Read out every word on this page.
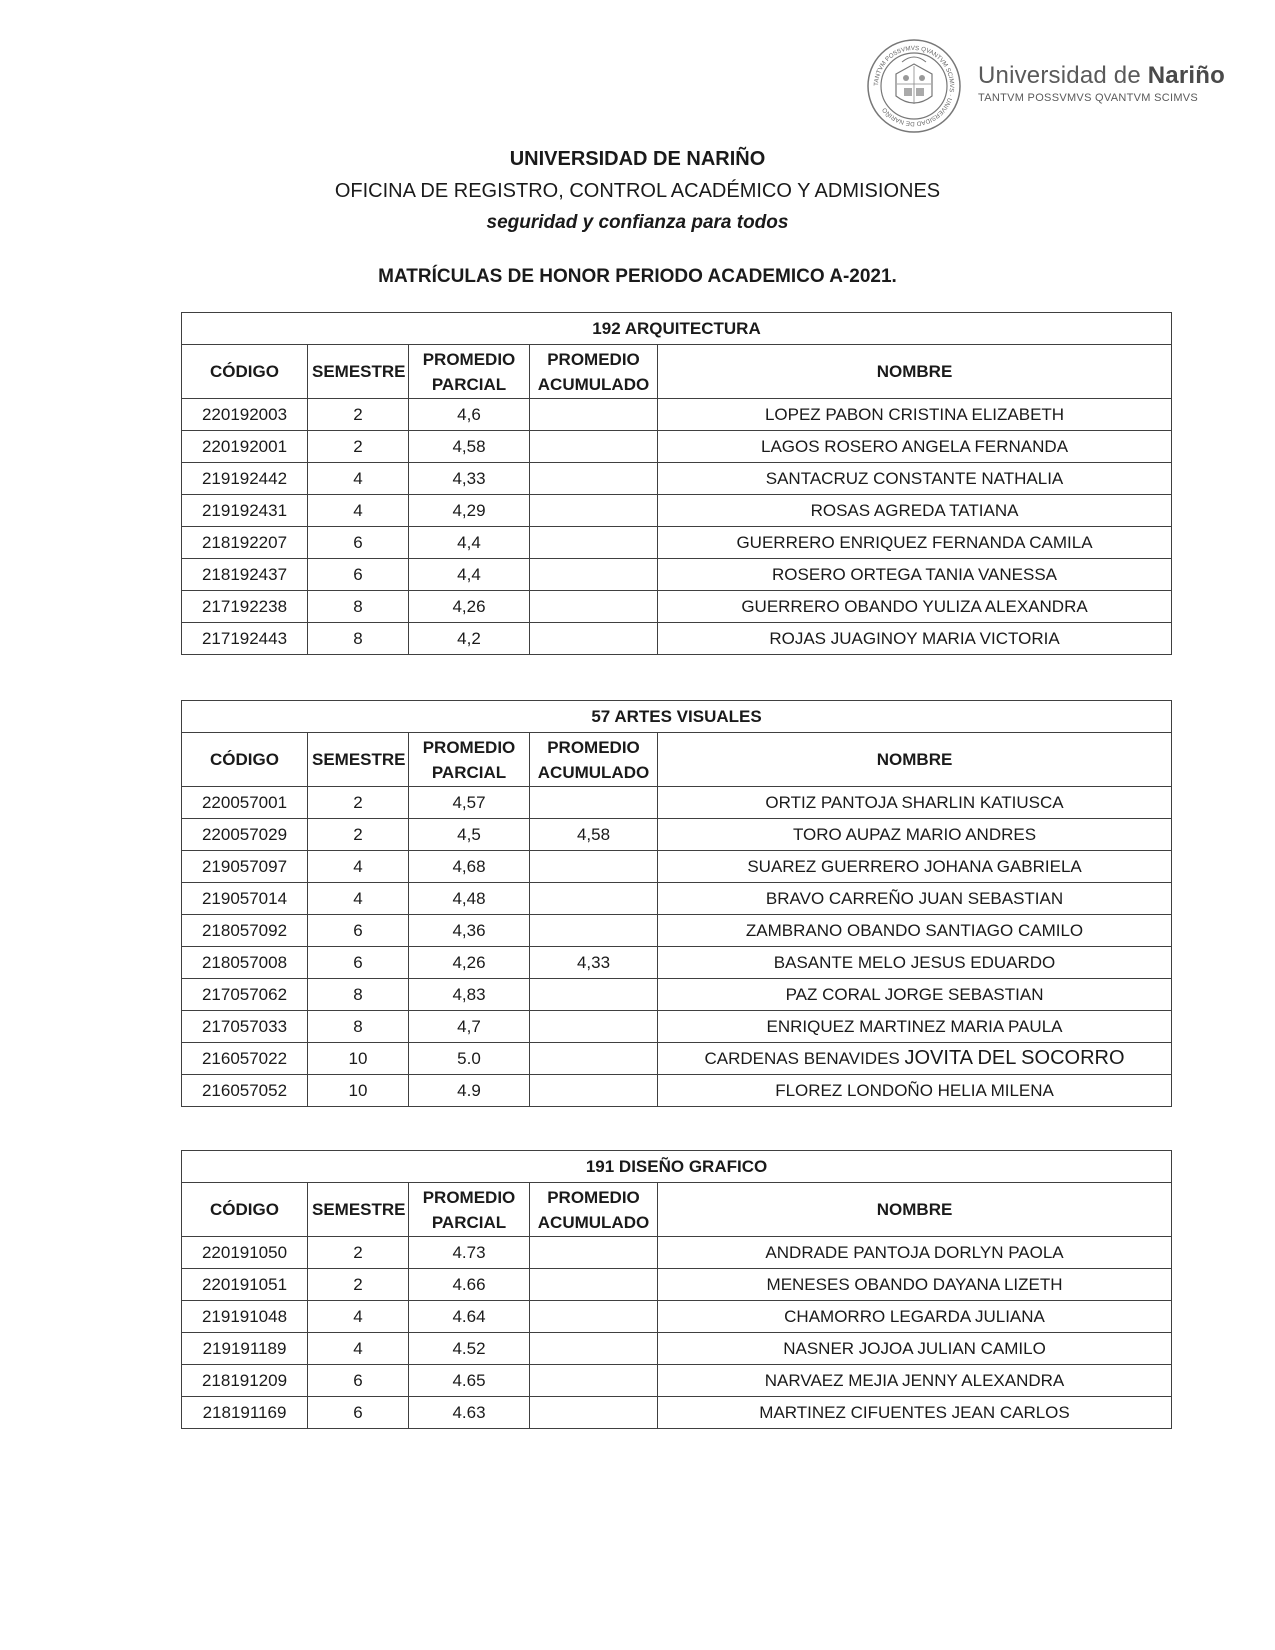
TANTVM POSSVMVS QVANTVM SCIMVS · UNIVERSIDAD DE NARIÑO
Universidad de Nariño
TANTVM POSSVMVS QVANTVM SCIMVS
UNIVERSIDAD DE NARIÑO
OFICINA DE REGISTRO, CONTROL ACADÉMICO Y ADMISIONES
seguridad y confianza para todos
MATRÍCULAS DE HONOR PERIODO ACADEMICO A-2021.
192 ARQUITECTURA				
CÓDIGO	SEMESTRE	PROMEDIO PARCIAL	PROMEDIO ACUMULADO	NOMBRE
220192003	2	4,6		LOPEZ PABON CRISTINA ELIZABETH
220192001	2	4,58		LAGOS ROSERO ANGELA FERNANDA
219192442	4	4,33		SANTACRUZ CONSTANTE NATHALIA
219192431	4	4,29		ROSAS AGREDA TATIANA
218192207	6	4,4		GUERRERO ENRIQUEZ FERNANDA CAMILA
218192437	6	4,4		ROSERO ORTEGA TANIA VANESSA
217192238	8	4,26		GUERRERO OBANDO YULIZA ALEXANDRA
217192443	8	4,2		ROJAS JUAGINOY MARIA VICTORIA
57 ARTES VISUALES				
CÓDIGO	SEMESTRE	PROMEDIO PARCIAL	PROMEDIO ACUMULADO	NOMBRE
220057001	2	4,57		ORTIZ PANTOJA SHARLIN KATIUSCA
220057029	2	4,5	4,58	TORO AUPAZ MARIO ANDRES
219057097	4	4,68		SUAREZ GUERRERO JOHANA GABRIELA
219057014	4	4,48		BRAVO CARREÑO JUAN SEBASTIAN
218057092	6	4,36		ZAMBRANO OBANDO SANTIAGO CAMILO
218057008	6	4,26	4,33	BASANTE MELO JESUS EDUARDO
217057062	8	4,83		PAZ CORAL JORGE SEBASTIAN
217057033	8	4,7		ENRIQUEZ MARTINEZ MARIA PAULA
216057022	10	5.0		CARDENAS BENAVIDES JOVITA DEL SOCORRO
216057052	10	4.9		FLOREZ LONDOÑO HELIA MILENA
191 DISEÑO GRAFICO				
CÓDIGO	SEMESTRE	PROMEDIO PARCIAL	PROMEDIO ACUMULADO	NOMBRE
220191050	2	4.73		ANDRADE PANTOJA DORLYN PAOLA
220191051	2	4.66		MENESES OBANDO DAYANA LIZETH
219191048	4	4.64		CHAMORRO LEGARDA JULIANA
219191189	4	4.52		NASNER JOJOA JULIAN CAMILO
218191209	6	4.65		NARVAEZ MEJIA JENNY ALEXANDRA
218191169	6	4.63		MARTINEZ CIFUENTES JEAN CARLOS
